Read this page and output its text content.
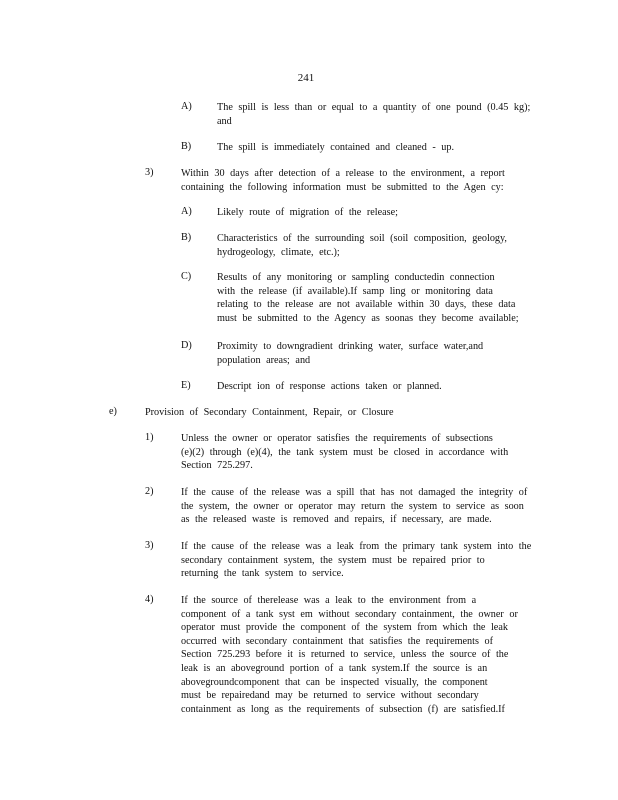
241
A) The spill is less than or equal to a quantity of one pound (0.45 kg);
and
B)	The spill is immediately contained and cleaned - up.
3)	Within 30 days after detection of a release to the environment, a report
containing the following information must be submitted to the Agen cy:
A) Likely route of migration of the release;
B)	Characteristics of the surrounding soil (soil composition, geology,
hydrogeology, climate, etc.);
C)	Results of any monitoring or sampling conductedin connection
with the release (if available).If samp ling or monitoring data
relating to the release are not available within 30 days, these data
must be submitted to the Agency as soonas they become available;
D) Proximity to downgradient drinking water, surface water,and
population areas; and
E)	Descript ion of response actions taken or planned.
e)	Provision of Secondary Containment, Repair, or Closure
1)	Unless the owner or operator satisfies the requirements of subsections
(e)(2) through (e)(4), the tank system must be closed in accordance with
Section 725.297.
2)	If the cause of the release was a spill that has not damaged the integrity of
the system, the owner or operator may return the system to service as soon
as the released waste is removed and repairs, if necessary, are made.
3)	If the cause of the release was a leak from the primary tank system into the
secondary containment system, the system must be repaired prior to
returning the tank system to service.
4)	If the source of therelease was a leak to the environment from a
component of a tank syst em without secondary containment, the owner or
operator must provide the component of the system from which the leak
occurred with secondary containment that satisfies the requirements of
Section 725.293 before it is returned to service, unless the source of the
leak is an aboveground portion of a tank system.If the source is an
abovegroundcomponent that can be inspected visually, the component
must be repairedand may be returned to service without secondary
containment as long as the requirements of subsection (f) are satisfied.If
